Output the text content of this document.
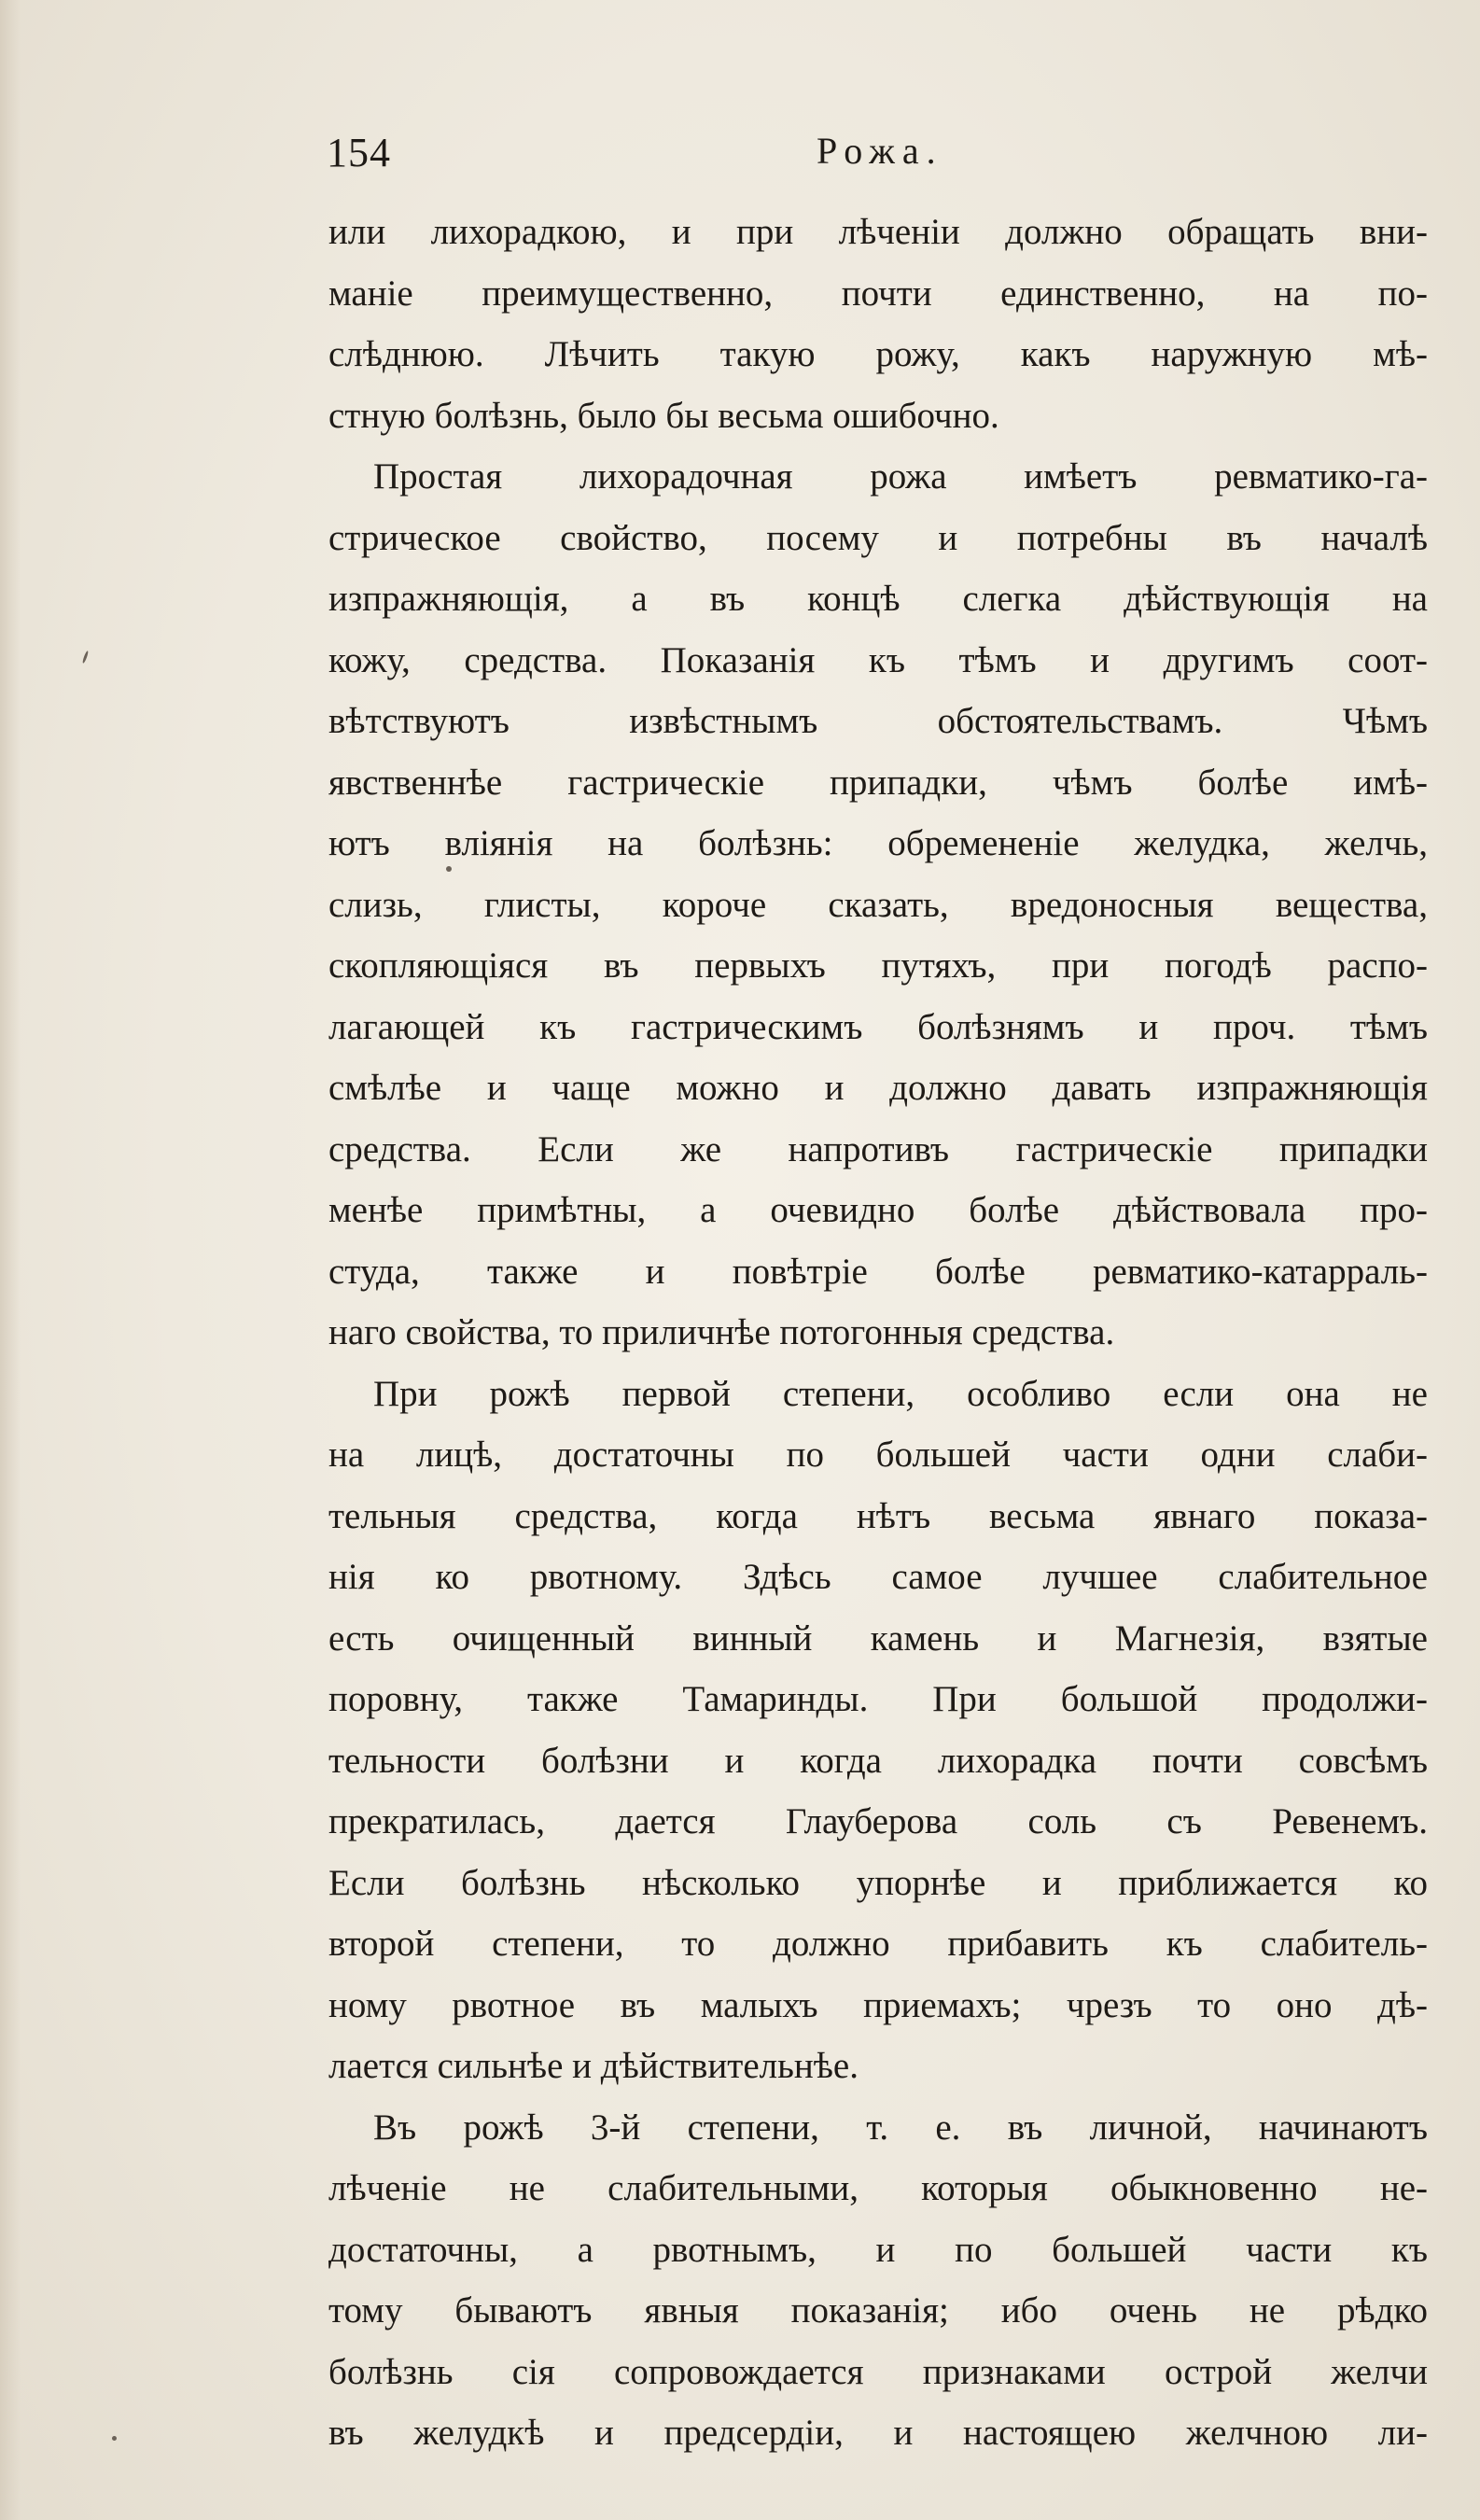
154	Рожа.
или лихорадкою, и при лѣченіи должно обращать вни-
маніе преимущественно, почти единственно, на по-
слѣднюю. Лѣчить такую рожу, какъ наружную мѣ-
стную болѣзнь, было бы весьма ошибочно.
Простая лихорадочная рожа имѣетъ ревматико-га-
стрическое свойство, посему и потребны въ началѣ
изпражняющія, а въ концѣ слегка дѣйствующія на
кожу, средства. Показанія къ тѣмъ и другимъ соот-
вѣтствуютъ извѣстнымъ обстоятельствамъ. Чѣмъ
явственнѣе гастрическіе припадки, чѣмъ болѣе имѣ-
ютъ вліянія на болѣзнь: обремененіе желудка, желчь,
слизь, глисты, короче сказать, вредоносныя вещества,
скопляющіяся въ первыхъ путяхъ, при погодѣ распо-
лагающей къ гастрическимъ болѣзнямъ и проч. тѣмъ
смѣлѣе и чаще можно и должно давать изпражняющія
средства. Если же напротивъ гастрическіе припадки
менѣе примѣтны, а очевидно болѣе дѣйствовала про-
студа, также и повѣтріе болѣе ревматико-катарраль-
наго свойства, то приличнѣе потогонныя средства.
При рожѣ первой степени, особливо если она не
на лицѣ, достаточны по большей части одни слаби-
тельныя средства, когда нѣтъ весьма явнаго показа-
нія ко рвотному. Здѣсь самое лучшее слабительное
есть очищенный винный камень и Магнезія, взятые
поровну, также Тамаринды. При большой продолжи-
тельности болѣзни и когда лихорадка почти совсѣмъ
прекратилась, дается Глауберова соль съ Ревенемъ.
Если болѣзнь нѣсколько упорнѣе и приближается ко
второй степени, то должно прибавить къ слабитель-
ному рвотное въ малыхъ приемахъ; чрезъ то оно дѣ-
лается сильнѣе и дѣйствительнѣе.
Въ рожѣ 3-й степени, т. е. въ личной, начинаютъ
лѣченіе не слабительными, которыя обыкновенно не-
достаточны, а рвотнымъ, и по большей части къ
тому бываютъ явныя показанія; ибо очень не рѣдко
болѣзнь сія сопровождается признаками острой желчи
въ желудкѣ и предсердіи, и настоящею желчною ли-
